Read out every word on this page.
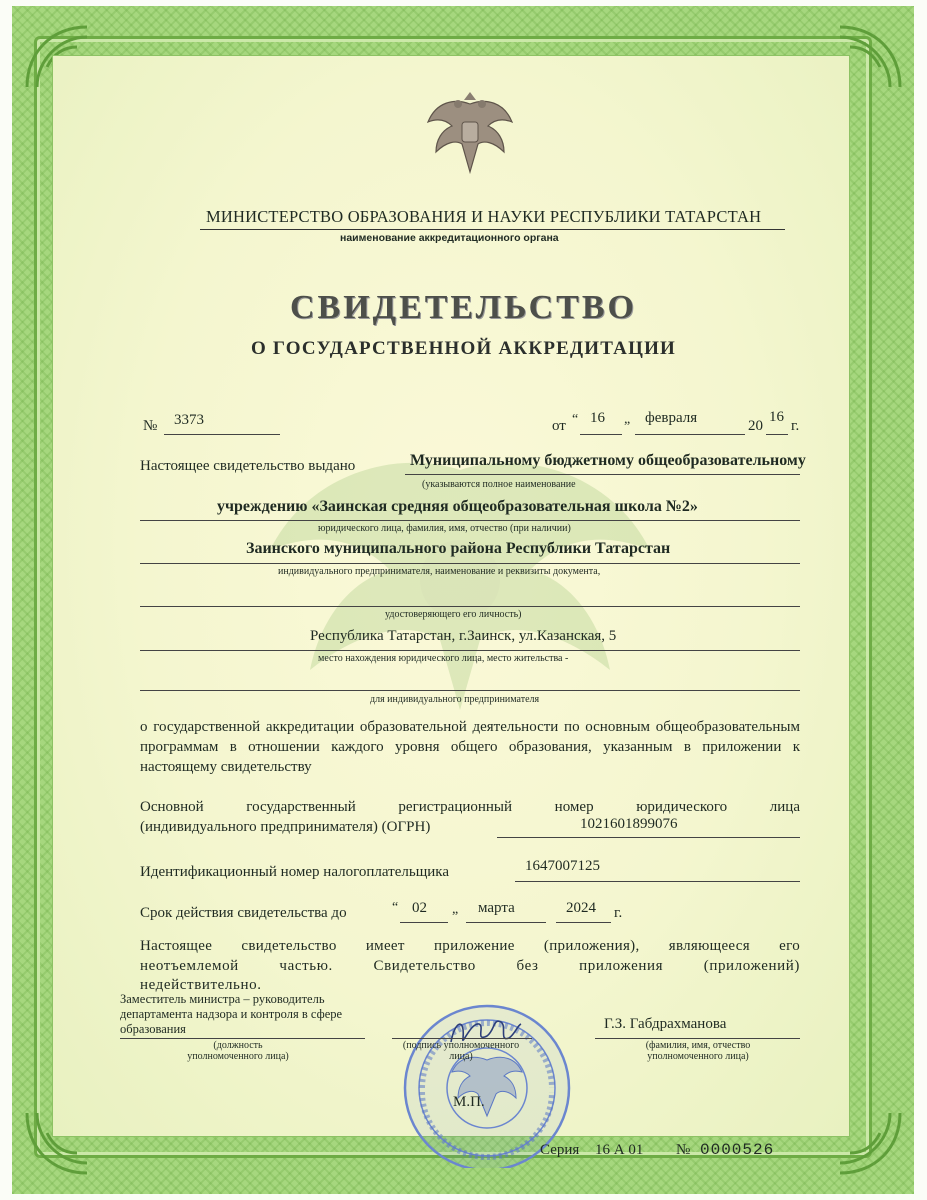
МИНИСТЕРСТВО ОБРАЗОВАНИЯ И НАУКИ РЕСПУБЛИКИ ТАТАРСТАН
наименование аккредитационного органа
СВИДЕТЕЛЬСТВО
О ГОСУДАРСТВЕННОЙ АККРЕДИТАЦИИ
№ 3373	от “ 16 „ февраля	20
16
г.
Настоящее свидетельство выдано	Муниципальному бюджетному общеобразовательному
(указываются полное наименование
учреждению «Заинская средняя общеобразовательная школа №2»
юридического лица, фамилия, имя, отчество (при наличии)
Заинского муниципального района Республики Татарстан
индивидуального предпринимателя, наименование и реквизиты документа,
удостоверяющего его личность)
Республика Татарстан, г.Заинск, ул.Казанская, 5
место нахождения юридического лица, место жительства -
для индивидуального предпринимателя
о государственной аккредитации образовательной деятельности по основным общеобразовательным программам в отношении каждого уровня общего образования, указанным в приложении к настоящему свидетельству
Основной государственный регистрационный номер юридического лица
(индивидуального предпринимателя) (ОГРН)	1021601899076
Идентификационный номер налогоплательщика	1647007125
Срок действия свидетельства до	“ 02 „ марта	2024 г.
Настоящее свидетельство имеет приложение (приложения), являющееся его
неотъемлемой частью. Свидетельство без приложения (приложений)
недействительно.
Заместитель министра – руководитель департамента надзора и контроля в сфере образования
(должность уполномоченного лица)
(подпись уполномоченного лица)
Г.З. Габдрахманова
(фамилия, имя, отчество уполномоченного лица)
М.П.
Серия 16 А 01 № 0000526
